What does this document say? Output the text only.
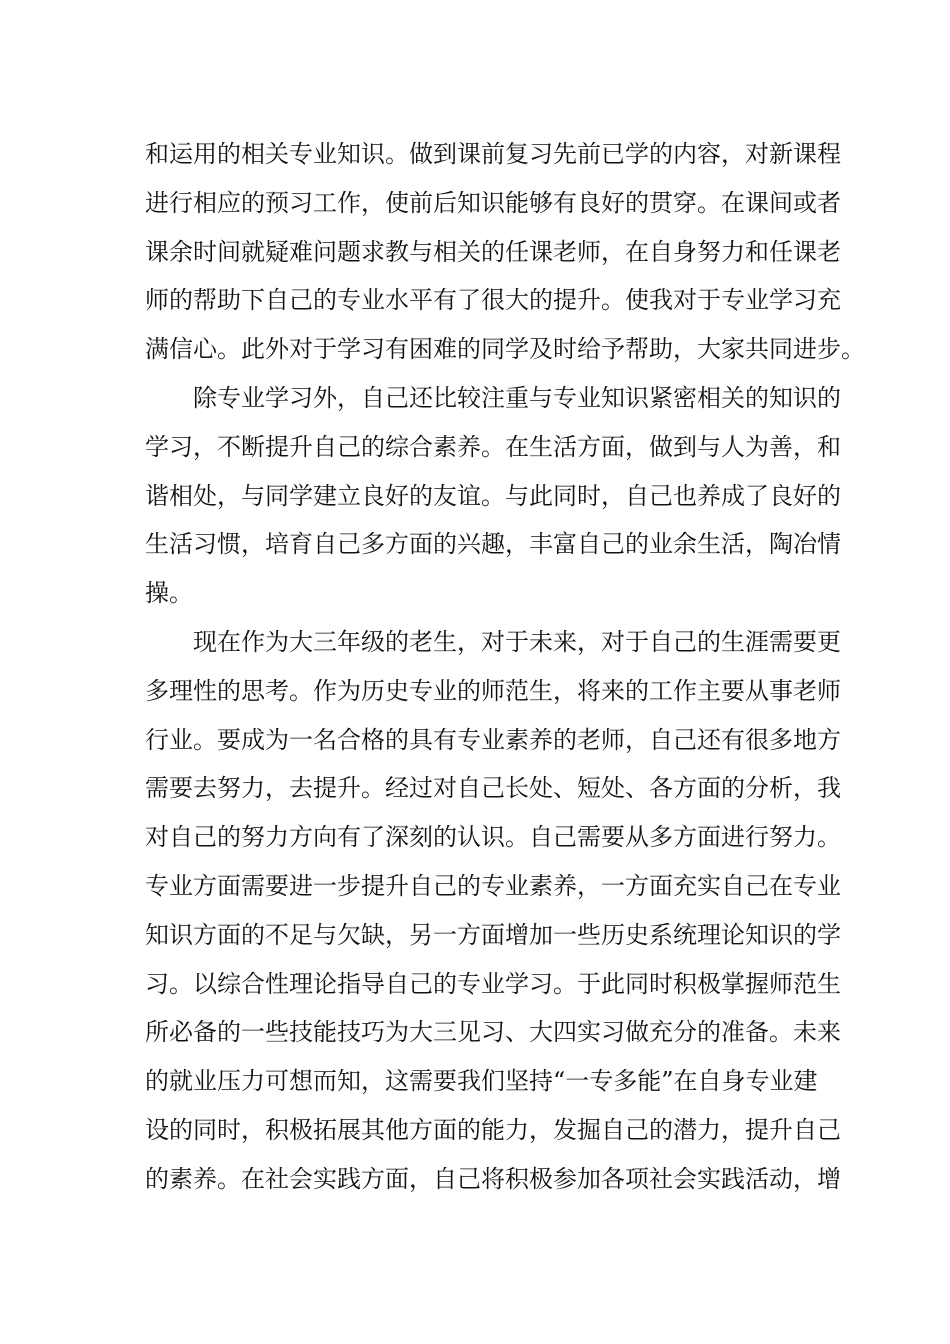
和运用的相关专业知识。做到课前复习先前已学的内容，对新课程
进行相应的预习工作，使前后知识能够有良好的贯穿。在课间或者
课余时间就疑难问题求教与相关的任课老师，在自身努力和任课老
师的帮助下自己的专业水平有了很大的提升。使我对于专业学习充
满信心。此外对于学习有困难的同学及时给予帮助，大家共同进步。
除专业学习外，自己还比较注重与专业知识紧密相关的知识的
学习，不断提升自己的综合素养。在生活方面，做到与人为善，和
谐相处，与同学建立良好的友谊。与此同时，自己也养成了良好的
生活习惯，培育自己多方面的兴趣，丰富自己的业余生活，陶冶情
操。
现在作为大三年级的老生，对于未来，对于自己的生涯需要更
多理性的思考。作为历史专业的师范生，将来的工作主要从事老师
行业。要成为一名合格的具有专业素养的老师，自己还有很多地方
需要去努力，去提升。经过对自己长处、短处、各方面的分析，我
对自己的努力方向有了深刻的认识。自己需要从多方面进行努力。
专业方面需要进一步提升自己的专业素养，一方面充实自己在专业
知识方面的不足与欠缺，另一方面增加一些历史系统理论知识的学
习。以综合性理论指导自己的专业学习。于此同时积极掌握师范生
所必备的一些技能技巧为大三见习、大四实习做充分的准备。未来
的就业压力可想而知，这需要我们坚持“一专多能”在自身专业建
设的同时，积极拓展其他方面的能力，发掘自己的潜力，提升自己
的素养。在社会实践方面，自己将积极参加各项社会实践活动，增
